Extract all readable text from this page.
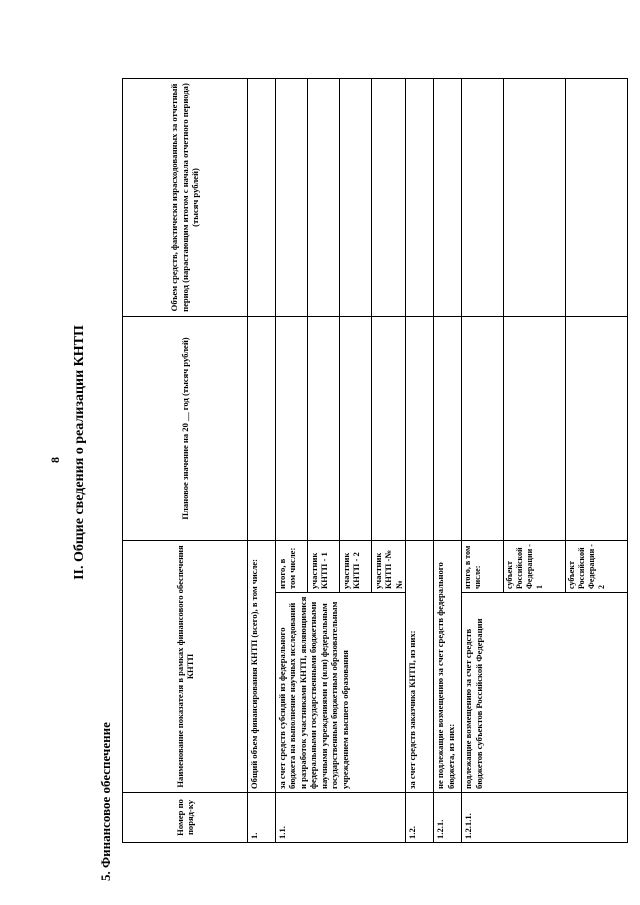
8 II. Общие сведения о реализации КНТП
5. Финансовое обеспечение	Номер по поряд-ку	Наименование показателя в рамках финансового обеспечения КНТП		Плановое значение на 20 __ год (тысяч рублей)	Объем средств, фактически израсходованных за отчетный период (нарастающим итогом с начала отчетного периода) (тысяч рублей)
1.	Общий объем финансирования КНТП (всего), в том числе:			
1.1.	за счет средств субсидий из федерального бюджета на выполнение научных исследований и разработок участниками КНТП, являющимися федеральными государственными бюджетными научными учреждениями и (или) федеральным государственным бюджетным образовательным учреждением высшего образования	итого, в том числе:		
		участник КНТП - 1		
		участник КНТП - 2		
		участник КНТП -№№		
1.2.	за счет средств заказчика КНТП, из них:			
1.2.1.	не подлежащие возмещению за счет средств федерального бюджета, из них:			
1.2.1.1.	подлежащие возмещению за счет средств бюджетов субъектов Российской Федерации	итого, в том числе:		
		субъект Российской Федерации - 1		
		субъект Российской Федерации - 2		
